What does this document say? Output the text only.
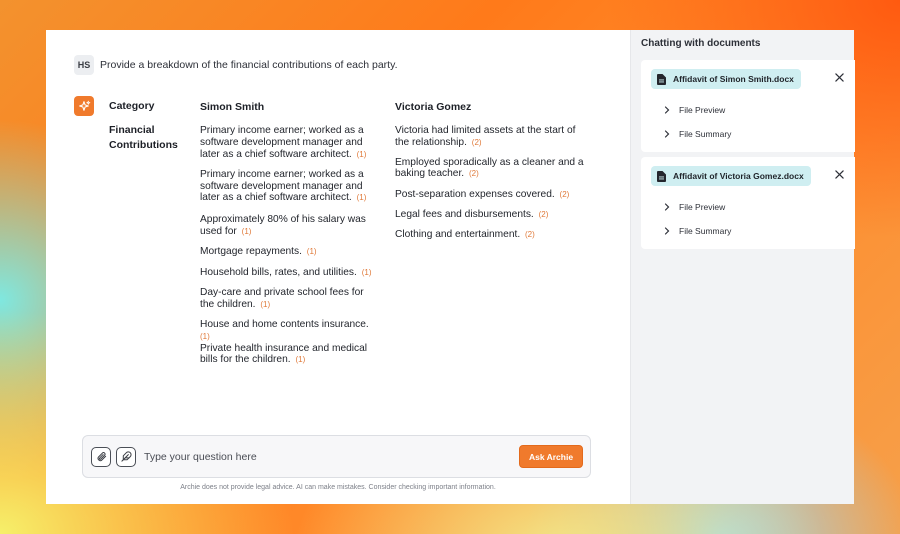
HS Provide a breakdown of the financial contributions of each party.
Category	Simon Smith	Victoria Gomez
Financial Contributions
Primary income earner; worked as a software development manager and later as a chief software architect. (1)
Primary income earner; worked as a software development manager and later as a chief software architect. (1)
Approximately 80% of his salary was used for (1)
Mortgage repayments. (1)
Household bills, rates, and utilities. (1)
Day-care and private school fees for the children. (1)
House and home contents insurance.(1)
Private health insurance and medical bills for the children. (1)
Victoria had limited assets at the start of the relationship. (2)
Employed sporadically as a cleaner and a baking teacher. (2)
Post-separation expenses covered. (2)
Legal fees and disbursements. (2)
Clothing and entertainment. (2)
Type your question here
Ask Archie
Archie does not provide legal advice. AI can make mistakes. Consider checking important information.
Chatting with documents
Affidavit of Simon Smith.docx
File Preview
File Summary
Affidavit of Victoria Gomez.docx
File Preview
File Summary
